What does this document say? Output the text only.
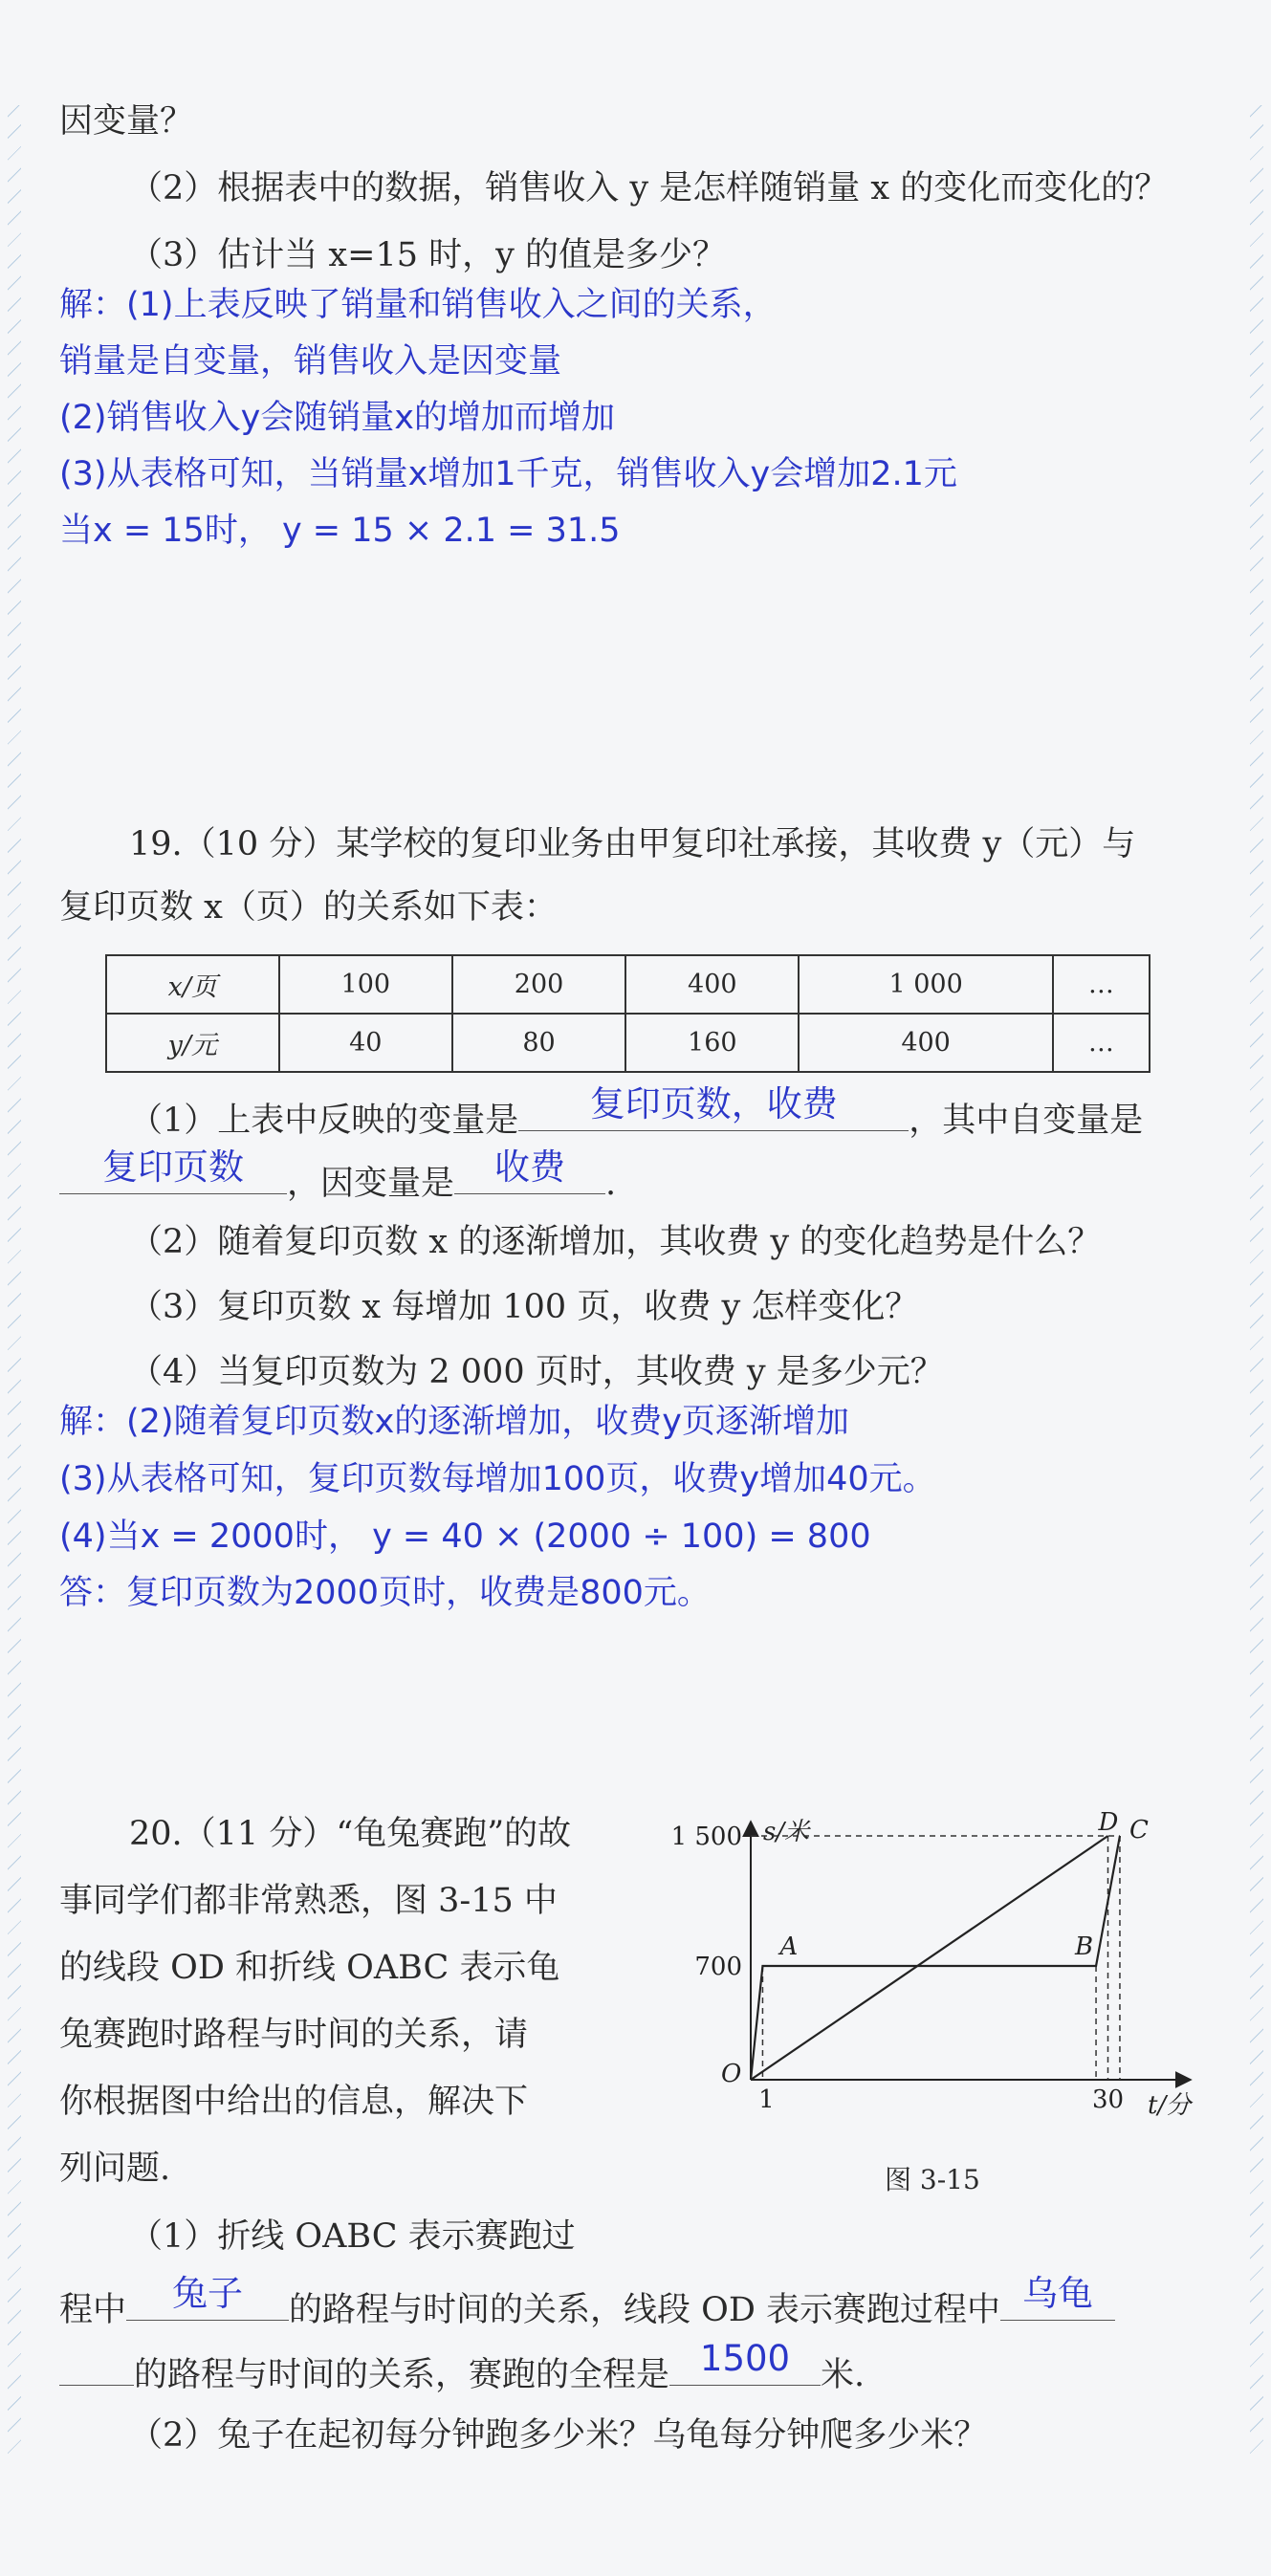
因变量？
（2）根据表中的数据，销售收入 y 是怎样随销量 x 的变化而变化的？
（3）估计当 x=15 时，y 的值是多少？
解：(1)上表反映了销量和销售收入之间的关系，
销量是自变量，销售收入是因变量
(2)销售收入y会随销量x的增加而增加
(3)从表格可知，当销量x增加1千克，销售收入y会增加2.1元
当x = 15时， y = 15 × 2.1 = 31.5
19.（10 分）某学校的复印业务由甲复印社承接，其收费 y（元）与
复印页数 x（页）的关系如下表：
x/页	100	200	400	1 000	…
y/元	40	80	160	400	…
（1）上表中反映的变量是	复印页数，收费	，其中自变量是
复印页数	，因变量是	收费	.
（2）随着复印页数 x 的逐渐增加，其收费 y 的变化趋势是什么？
（3）复印页数 x 每增加 100 页，收费 y 怎样变化？
（4）当复印页数为 2 000 页时，其收费 y 是多少元？
解：(2)随着复印页数x的逐渐增加，收费y页逐渐增加
(3)从表格可知，复印页数每增加100页，收费y增加40元。
(4)当x = 2000时， y = 40 × (2000 ÷ 100) = 800
答：复印页数为2000页时，收费是800元。
20.（11 分）“龟兔赛跑”的故
事同学们都非常熟悉，图 3-15 中
的线段 OD 和折线 OABC 表示龟
兔赛跑时路程与时间的关系，请
你根据图中给出的信息，解决下
列问题.
（1）折线 OABC 表示赛跑过
程中	兔子	的路程与时间的关系，线段 OD 表示赛跑过程中 乌龟
的路程与时间的关系，赛跑的全程是 1500 米.
（2）兔子在起初每分钟跑多少米？乌龟每分钟爬多少米？
s/米
t/分
O
1 500
700
1	30
A	B
C
D
图 3-15
